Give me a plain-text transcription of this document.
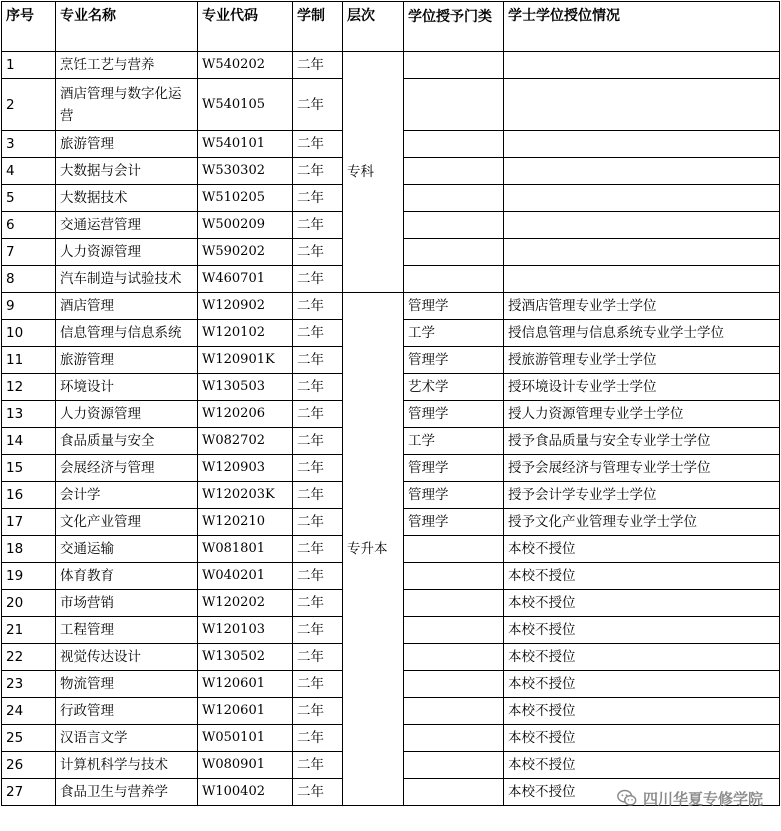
序号	专业名称	专业代码	学制	层次	学位授予门类	学士学位授位情况
1	烹饪工艺与营养	W540202	二年	专科		
2	酒店管理与数字化运营	W540105	二年			
3	旅游管理	W540101	二年			
4	大数据与会计	W530302	二年			
5	大数据技术	W510205	二年			
6	交通运营管理	W500209	二年			
7	人力资源管理	W590202	二年			
8	汽车制造与试验技术	W460701	二年			
9	酒店管理	W120902	二年	专升本	管理学	授酒店管理专业学士学位
10	信息管理与信息系统	W120102	二年		工学	授信息管理与信息系统专业学士学位
11	旅游管理	W120901K	二年		管理学	授旅游管理专业学士学位
12	环境设计	W130503	二年		艺术学	授环境设计专业学士学位
13	人力资源管理	W120206	二年		管理学	授人力资源管理专业学士学位
14	食品质量与安全	W082702	二年		工学	授予食品质量与安全专业学士学位
15	会展经济与管理	W120903	二年		管理学	授予会展经济与管理专业学士学位
16	会计学	W120203K	二年		管理学	授予会计学专业学士学位
17	文化产业管理	W120210	二年		管理学	授予文化产业管理专业学士学位
18	交通运输	W081801	二年			本校不授位
19	体育教育	W040201	二年			本校不授位
20	市场营销	W120202	二年			本校不授位
21	工程管理	W120103	二年			本校不授位
22	视觉传达设计	W130502	二年			本校不授位
23	物流管理	W120601	二年			本校不授位
24	行政管理	W120601	二年			本校不授位
25	汉语言文学	W050101	二年			本校不授位
26	计算机科学与技术	W080901	二年			本校不授位
27	食品卫生与营养学	W100402	二年			本校不授位	四川华夏专修学院
